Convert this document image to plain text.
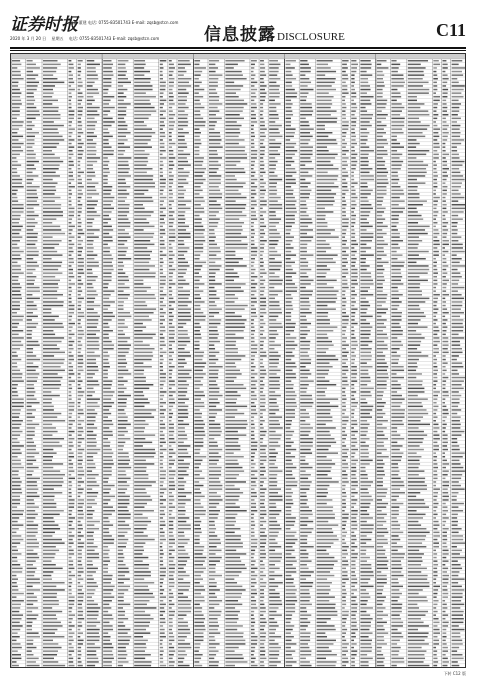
证券时报
责任: 董建 电话: 0755-83501743 E-mail: zqsb@stcn.com
2020 年 3 月 20 日 星期五 电话: 0755-83501743 E-mail: zqsb@stcn.com	信息披露DISCLOSURE	C11
下转 C12 版
